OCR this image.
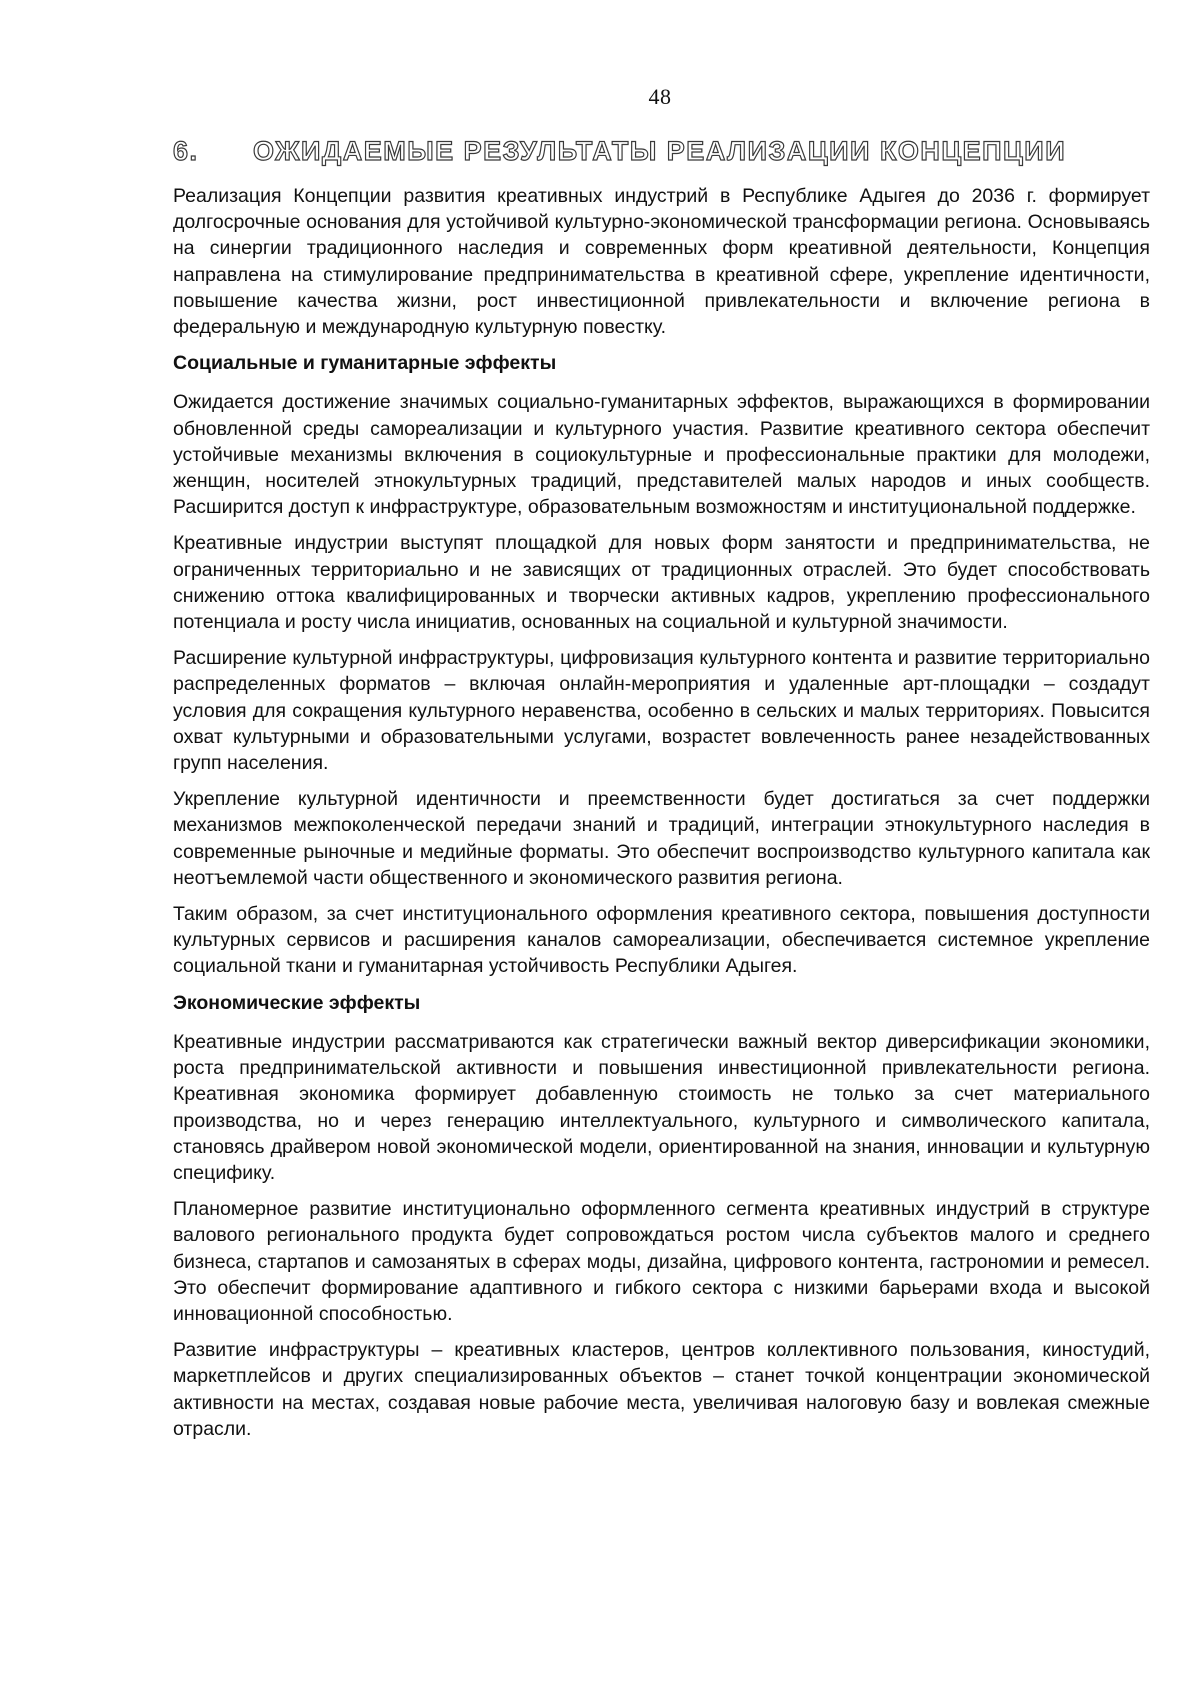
48
6.	ОЖИДАЕМЫЕ РЕЗУЛЬТАТЫ РЕАЛИЗАЦИИ КОНЦЕПЦИИ

Реализация Концепции развития креативных индустрий в Республике Адыгея до 2036 г. формирует долгосрочные основания для устойчивой культурно-экономической трансформации региона. Основываясь на синергии традиционного наследия и современных форм креативной деятельности, Концепция направлена на стимулирование предпринимательства в креативной сфере, укрепление идентичности, повышение качества жизни, рост инвестиционной привлекательности и включение региона в федеральную и международную культурную повестку.

Социальные и гуманитарные эффекты

Ожидается достижение значимых социально-гуманитарных эффектов, выражающихся в формировании обновленной среды самореализации и культурного участия. Развитие креативного сектора обеспечит устойчивые механизмы включения в социокультурные и профессиональные практики для молодежи, женщин, носителей этнокультурных традиций, представителей малых народов и иных сообществ. Расширится доступ к инфраструктуре, образовательным возможностям и институциональной поддержке.

Креативные индустрии выступят площадкой для новых форм занятости и предпринимательства, не ограниченных территориально и не зависящих от традиционных отраслей. Это будет способствовать снижению оттока квалифицированных и творчески активных кадров, укреплению профессионального потенциала и росту числа инициатив, основанных на социальной и культурной значимости.

Расширение культурной инфраструктуры, цифровизация культурного контента и развитие территориально распределенных форматов – включая онлайн-мероприятия и удаленные арт-площадки – создадут условия для сокращения культурного неравенства, особенно в сельских и малых территориях. Повысится охват культурными и образовательными услугами, возрастет вовлеченность ранее незадействованных групп населения.

Укрепление культурной идентичности и преемственности будет достигаться за счет поддержки механизмов межпоколенческой передачи знаний и традиций, интеграции этнокультурного наследия в современные рыночные и медийные форматы. Это обеспечит воспроизводство культурного капитала как неотъемлемой части общественного и экономического развития региона.

Таким образом, за счет институционального оформления креативного сектора, повышения доступности культурных сервисов и расширения каналов самореализации, обеспечивается системное укрепление социальной ткани и гуманитарная устойчивость Республики Адыгея.

Экономические эффекты

Креативные индустрии рассматриваются как стратегически важный вектор диверсификации экономики, роста предпринимательской активности и повышения инвестиционной привлекательности региона. Креативная экономика формирует добавленную стоимость не только за счет материального производства, но и через генерацию интеллектуального, культурного и символического капитала, становясь драйвером новой экономической модели, ориентированной на знания, инновации и культурную специфику.

Планомерное развитие институционально оформленного сегмента креативных индустрий в структуре валового регионального продукта будет сопровождаться ростом числа субъектов малого и среднего бизнеса, стартапов и самозанятых в сферах моды, дизайна, цифрового контента, гастрономии и ремесел. Это обеспечит формирование адаптивного и гибкого сектора с низкими барьерами входа и высокой инновационной способностью.

Развитие инфраструктуры – креативных кластеров, центров коллективного пользования, киностудий, маркетплейсов и других специализированных объектов – станет точкой концентрации экономической активности на местах, создавая новые рабочие места, увеличивая налоговую базу и вовлекая смежные отрасли.
